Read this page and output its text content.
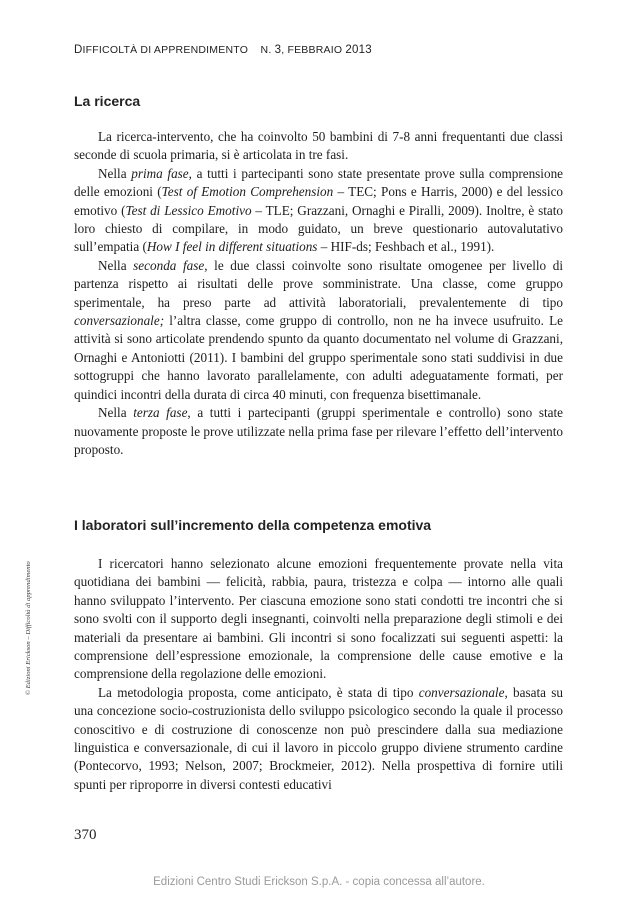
DIFFICOLTÀ DI APPRENDIMENTO N. 3, FEBBRAIO 2013
La ricerca

La ricerca-intervento, che ha coinvolto 50 bambini di 7-8 anni frequentanti due classi seconde di scuola primaria, si è articolata in tre fasi.

Nella prima fase, a tutti i partecipanti sono state presentate prove sulla comprensione delle emozioni (Test of Emotion Comprehension – TEC; Pons e Harris, 2000) e del lessico emotivo (Test di Lessico Emotivo – TLE; Grazzani, Ornaghi e Piralli, 2009). Inoltre, è stato loro chiesto di compilare, in modo guidato, un breve questionario autovalutativo sull’empatia (How I feel in different situations – HIF-ds; Feshbach et al., 1991).

Nella seconda fase, le due classi coinvolte sono risultate omogenee per livello di partenza rispetto ai risultati delle prove somministrate. Una classe, come gruppo sperimentale, ha preso parte ad attività laboratoriali, prevalentemente di tipo conversazionale; l’altra classe, come gruppo di controllo, non ne ha invece usufruito. Le attività si sono articolate prendendo spunto da quanto documentato nel volume di Grazzani, Ornaghi e Antoniotti (2011). I bambini del gruppo sperimentale sono stati suddivisi in due sottogruppi che hanno lavorato parallelamente, con adulti adeguatamente formati, per quindici incontri della durata di circa 40 minuti, con frequenza bisettimanale.

Nella terza fase, a tutti i partecipanti (gruppi sperimentale e controllo) sono state nuovamente proposte le prove utilizzate nella prima fase per rilevare l’effetto dell’intervento proposto.

I laboratori sull’incremento della competenza emotiva

I ricercatori hanno selezionato alcune emozioni frequentemente provate nella vita quotidiana dei bambini — felicità, rabbia, paura, tristezza e colpa — intorno alle quali hanno sviluppato l’intervento. Per ciascuna emozione sono stati condotti tre incontri che si sono svolti con il supporto degli insegnanti, coinvolti nella preparazione degli stimoli e dei materiali da presentare ai bambini. Gli incontri si sono focalizzati sui seguenti aspetti: la comprensione dell’espressione emozionale, la comprensione delle cause emotive e la comprensione della regolazione delle emozioni.

La metodologia proposta, come anticipato, è stata di tipo conversazionale, basata su una concezione socio-costruzionista dello sviluppo psicologico secondo la quale il processo conoscitivo e di costruzione di conoscenze non può prescindere dalla sua mediazione linguistica e conversazionale, di cui il lavoro in piccolo gruppo diviene strumento cardine (Pontecorvo, 1993; Nelson, 2007; Brockmeier, 2012). Nella prospettiva di fornire utili spunti per riproporre in diversi contesti educativi

© Edizioni Erickson – Difficoltà di apprendimento
370
Edizioni Centro Studi Erickson S.p.A. - copia concessa all’autore.
